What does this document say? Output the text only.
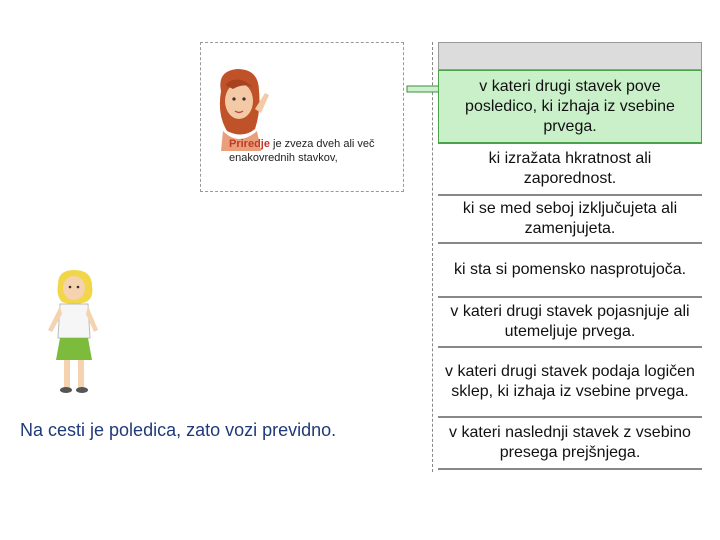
Priredje je zveza dveh ali več enakovrednih stavkov,
v kateri drugi stavek pove posledico, ki izhaja iz vsebine prvega.
ki izražata hkratnost ali zaporednost.
ki se med seboj izključujeta ali zamenjujeta.
ki sta si pomensko nasprotujoča.
v kateri drugi stavek pojasnjuje ali utemeljuje prvega.
v kateri drugi stavek podaja logičen sklep, ki izhaja iz vsebine prvega.
v kateri naslednji stavek z vsebino presega prejšnjega.
Na cesti je poledica, zato vozi previdno.
